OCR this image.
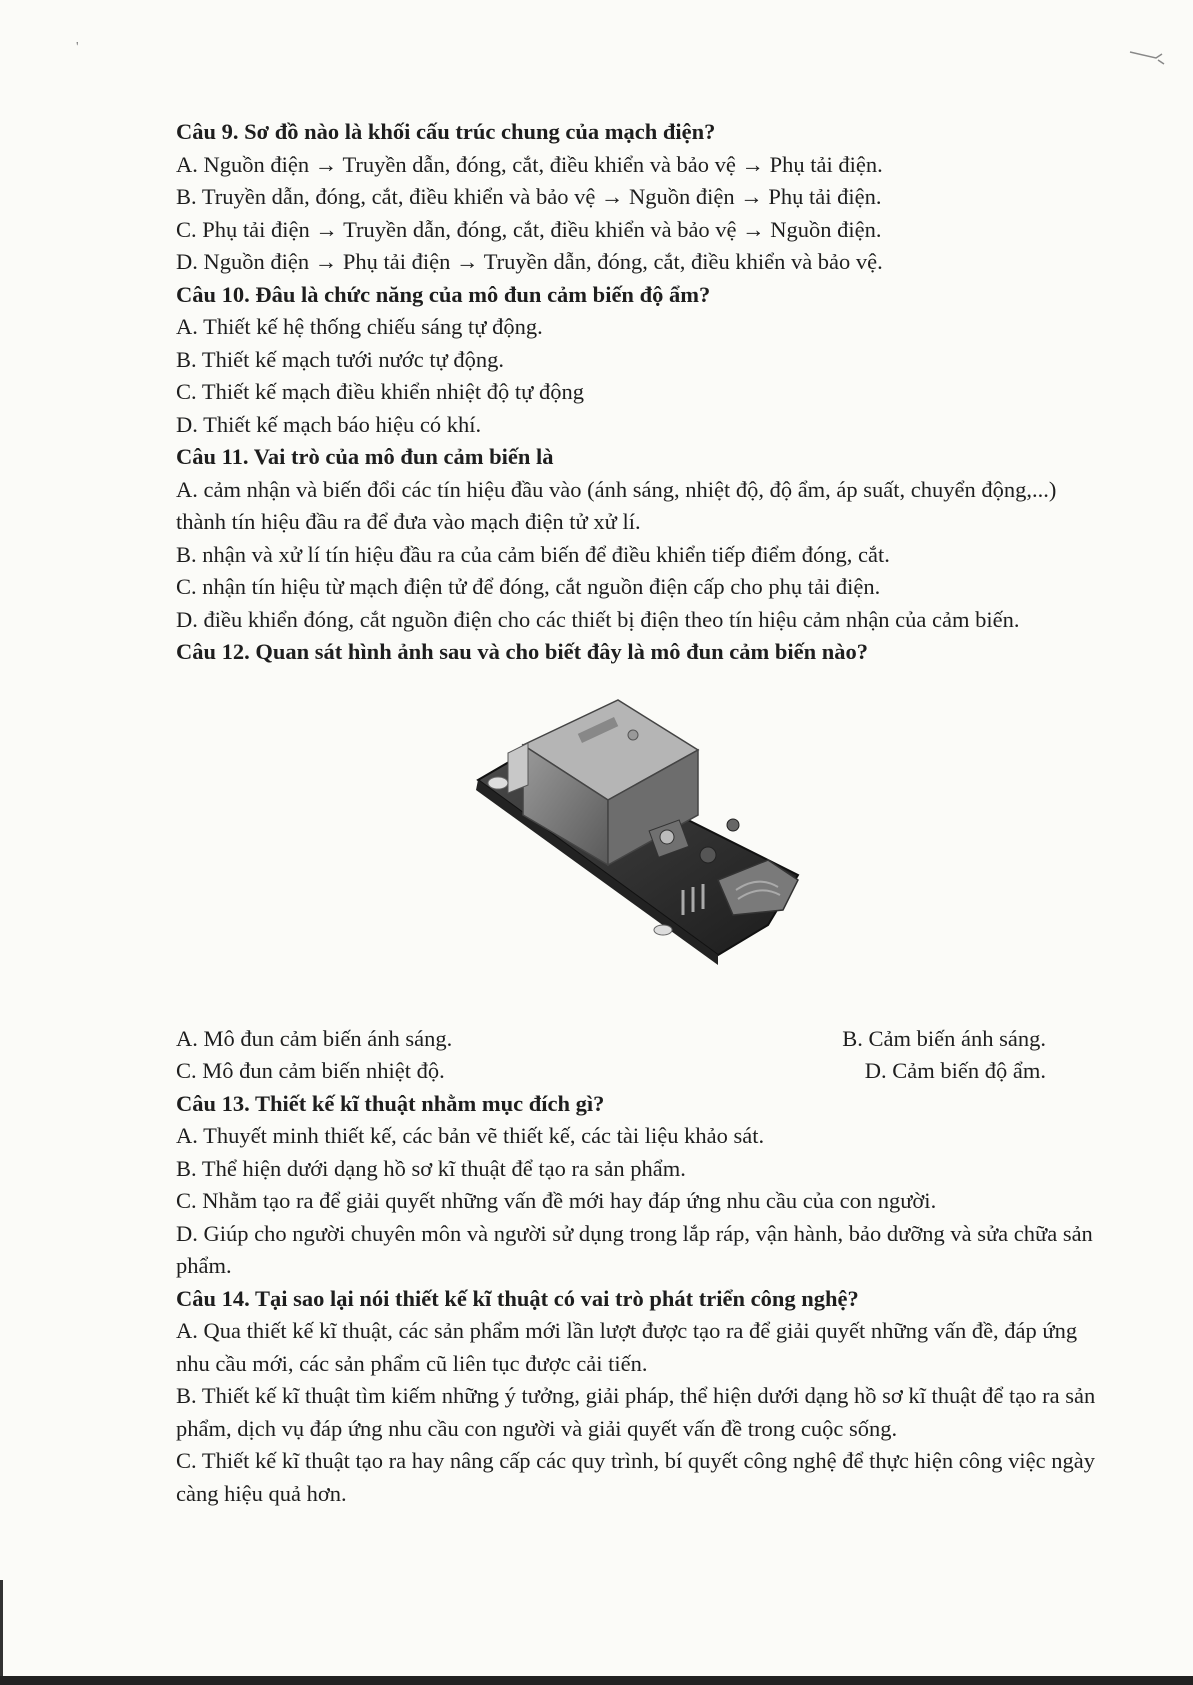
'

Câu 9. Sơ đồ nào là khối cấu trúc chung của mạch điện?

A. Nguồn điện → Truyền dẫn, đóng, cắt, điều khiển và bảo vệ → Phụ tải điện.

B. Truyền dẫn, đóng, cắt, điều khiển và bảo vệ → Nguồn điện → Phụ tải điện.

C. Phụ tải điện → Truyền dẫn, đóng, cắt, điều khiển và bảo vệ → Nguồn điện.

D. Nguồn điện → Phụ tải điện → Truyền dẫn, đóng, cắt, điều khiển và bảo vệ.

Câu 10. Đâu là chức năng của mô đun cảm biến độ ẩm?

A. Thiết kế hệ thống chiếu sáng tự động.

B. Thiết kế mạch tưới nước tự động.

C. Thiết kế mạch điều khiển nhiệt độ tự động

D. Thiết kế mạch báo hiệu có khí.

Câu 11. Vai trò của mô đun cảm biến là

A. cảm nhận và biến đổi các tín hiệu đầu vào (ánh sáng, nhiệt độ, độ ẩm, áp suất, chuyển động,...) thành tín hiệu đầu ra để đưa vào mạch điện tử xử lí.

B. nhận và xử lí tín hiệu đầu ra của cảm biến để điều khiển tiếp điểm đóng, cắt.

C. nhận tín hiệu từ mạch điện tử để đóng, cắt nguồn điện cấp cho phụ tải điện.

D. điều khiển đóng, cắt nguồn điện cho các thiết bị điện theo tín hiệu cảm nhận của cảm biến.

Câu 12. Quan sát hình ảnh sau và cho biết đây là mô đun cảm biến nào?

A. Mô đun cảm biến ánh sáng.	B. Cảm biến ánh sáng.
C. Mô đun cảm biến nhiệt độ.	D. Cảm biến độ ẩm.

Câu 13. Thiết kế kĩ thuật nhằm mục đích gì?

A. Thuyết minh thiết kế, các bản vẽ thiết kế, các tài liệu khảo sát.

B. Thể hiện dưới dạng hồ sơ kĩ thuật để tạo ra sản phẩm.

C. Nhằm tạo ra để giải quyết những vấn đề mới hay đáp ứng nhu cầu của con người.

D. Giúp cho người chuyên môn và người sử dụng trong lắp ráp, vận hành, bảo dưỡng và sửa chữa sản phẩm.

Câu 14. Tại sao lại nói thiết kế kĩ thuật có vai trò phát triển công nghệ?

A. Qua thiết kế kĩ thuật, các sản phẩm mới lần lượt được tạo ra để giải quyết những vấn đề, đáp ứng nhu cầu mới, các sản phẩm cũ liên tục được cải tiến.

B. Thiết kế kĩ thuật tìm kiếm những ý tưởng, giải pháp, thể hiện dưới dạng hồ sơ kĩ thuật để tạo ra sản phẩm, dịch vụ đáp ứng nhu cầu con người và giải quyết vấn đề trong cuộc sống.

C. Thiết kế kĩ thuật tạo ra hay nâng cấp các quy trình, bí quyết công nghệ để thực hiện công việc ngày càng hiệu quả hơn.
